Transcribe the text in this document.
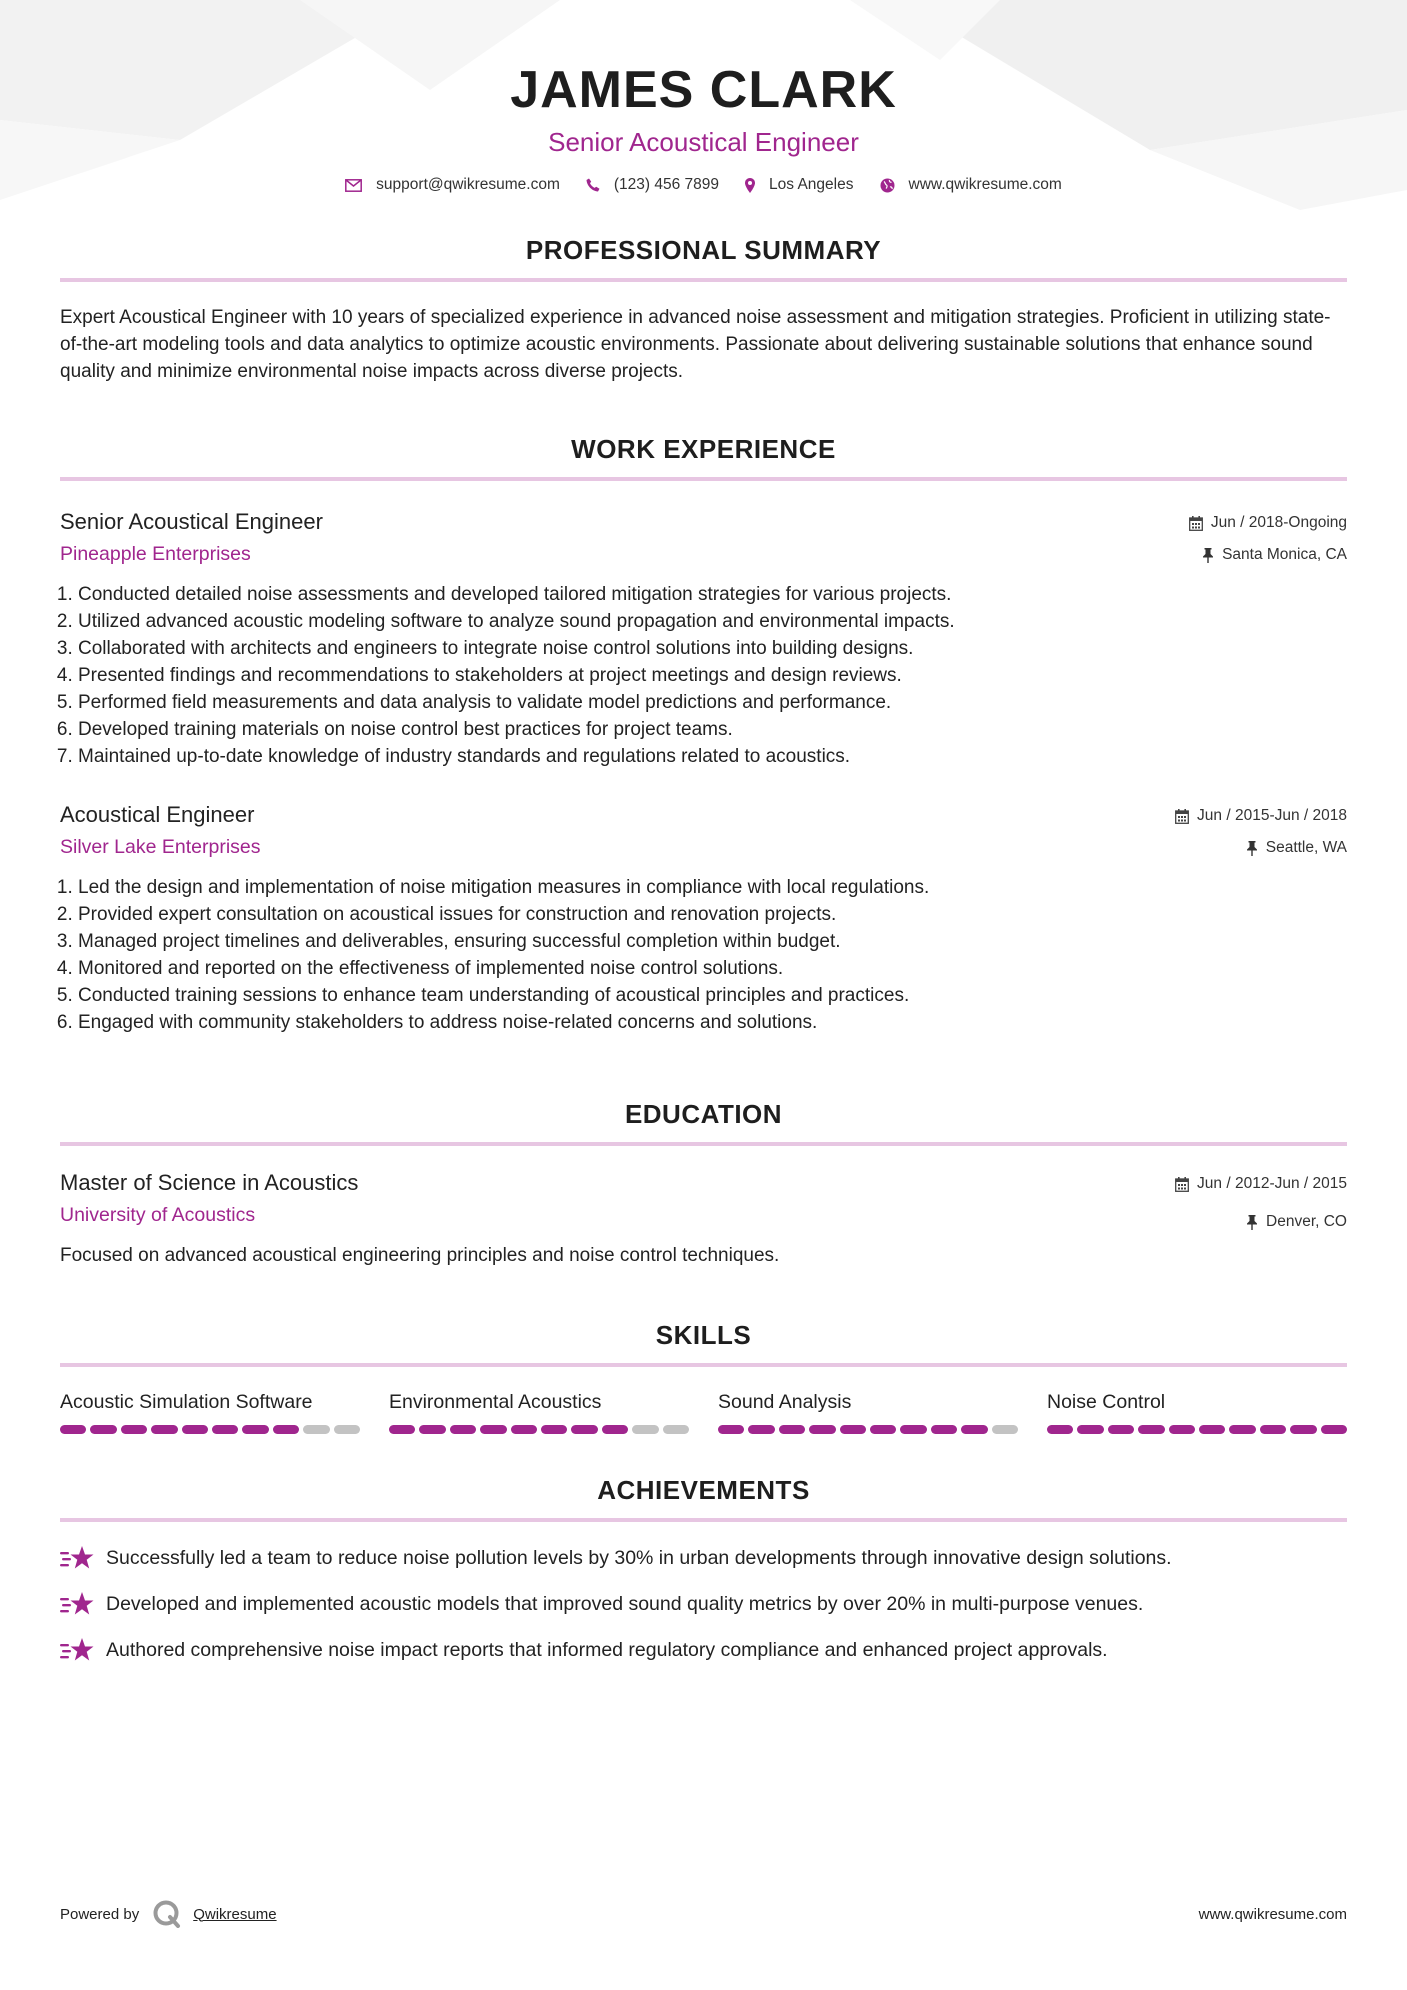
JAMES CLARK
Senior Acoustical Engineer
support@qwikresume.com	(123) 456 7899	Los Angeles	www.qwikresume.com
PROFESSIONAL SUMMARY

Expert Acoustical Engineer with 10 years of specialized experience in advanced noise assessment and mitigation strategies. Proficient in utilizing state-of-the-art modeling tools and data analytics to optimize acoustic environments. Passionate about delivering sustainable solutions that enhance sound quality and minimize environmental noise impacts across diverse projects.

WORK EXPERIENCE
Senior Acoustical Engineer
Pineapple Enterprises
Jun / 2018-Ongoing
Santa Monica, CA
1. Conducted detailed noise assessments and developed tailored mitigation strategies for various projects.
2. Utilized advanced acoustic modeling software to analyze sound propagation and environmental impacts.
3. Collaborated with architects and engineers to integrate noise control solutions into building designs.
4. Presented findings and recommendations to stakeholders at project meetings and design reviews.
5. Performed field measurements and data analysis to validate model predictions and performance.
6. Developed training materials on noise control best practices for project teams.
7. Maintained up-to-date knowledge of industry standards and regulations related to acoustics.
Acoustical Engineer
Silver Lake Enterprises
Jun / 2015-Jun / 2018
Seattle, WA
1. Led the design and implementation of noise mitigation measures in compliance with local regulations.
2. Provided expert consultation on acoustical issues for construction and renovation projects.
3. Managed project timelines and deliverables, ensuring successful completion within budget.
4. Monitored and reported on the effectiveness of implemented noise control solutions.
5. Conducted training sessions to enhance team understanding of acoustical principles and practices.
6. Engaged with community stakeholders to address noise-related concerns and solutions.
EDUCATION
Master of Science in Acoustics
University of Acoustics
Jun / 2012-Jun / 2015
Denver, CO

Focused on advanced acoustical engineering principles and noise control techniques.

SKILLS
Acoustic Simulation Software	Environmental Acoustics	Sound Analysis	Noise Control
ACHIEVEMENTS
Successfully led a team to reduce noise pollution levels by 30% in urban developments through innovative design solutions.
Developed and implemented acoustic models that improved sound quality metrics by over 20% in multi-purpose venues.
Authored comprehensive noise impact reports that informed regulatory compliance and enhanced project approvals.
Powered by	Qwikresume	www.qwikresume.com
